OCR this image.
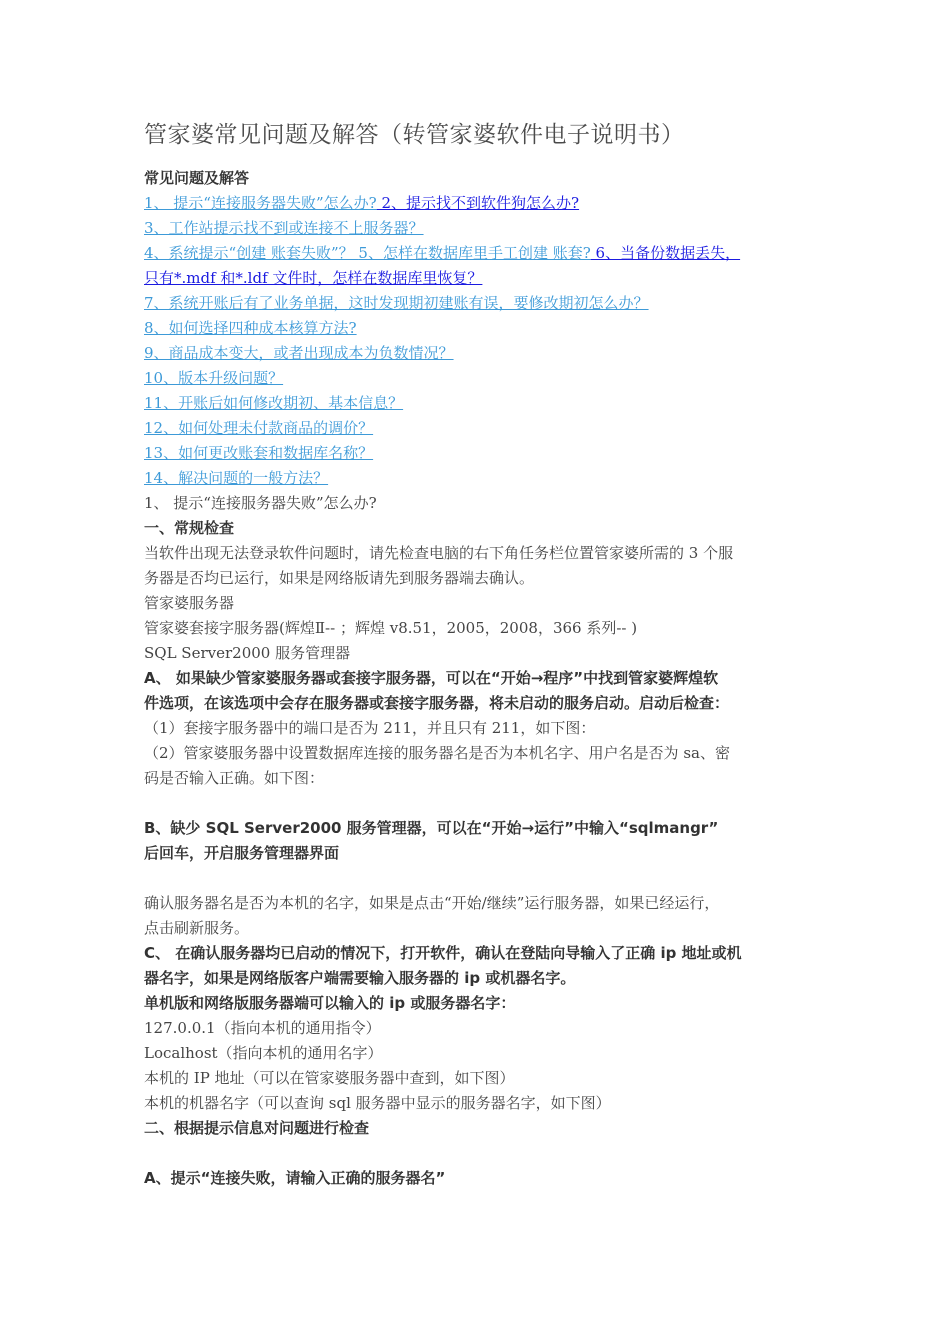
管家婆常见问题及解答（转管家婆软件电子说明书）

常见问题及解答

1、 提示“连接服务器失败”怎么办? 2、提示找不到软件狗怎么办?

3、工作站提示找不到或连接不上服务器？

4、系统提示“创建 账套失败”？ 5、怎样在数据库里手工创建 账套? 6、当备份数据丢失，

只有*.mdf 和*.ldf 文件时，怎样在数据库里恢复？

7、系统开账后有了业务单据，这时发现期初建账有误，要修改期初怎么办？

8、如何选择四种成本核算方法?

9、商品成本变大，或者出现成本为负数情况？

10、版本升级问题？

11、开账后如何修改期初、基本信息？

12、如何处理未付款商品的调价？

13、如何更改账套和数据库名称？

14、解决问题的一般方法？

1、 提示“连接服务器失败”怎么办?

一、常规检查

当软件出现无法登录软件问题时，请先检查电脑的右下角任务栏位置管家婆所需的 3 个服

务器是否均已运行，如果是网络版请先到服务器端去确认。

管家婆服务器

管家婆套接字服务器(辉煌Ⅱ-- ；辉煌 v8.51，2005，2008，366 系列-- )

SQL Server2000 服务管理器

A、 如果缺少管家婆服务器或套接字服务器，可以在“开始→程序”中找到管家婆辉煌软

件选项，在该选项中会存在服务器或套接字服务器，将未启动的服务启动。启动后检查：

（1）套接字服务器中的端口是否为 211，并且只有 211，如下图：

（2）管家婆服务器中设置数据库连接的服务器名是否为本机名字、用户名是否为 sa、密

码是否输入正确。如下图：

B、缺少 SQL Server2000 服务管理器，可以在“开始→运行”中输入“sqlmangr”

后回车，开启服务管理器界面

确认服务器名是否为本机的名字，如果是点击“开始/继续”运行服务器，如果已经运行，

点击刷新服务。

C、 在确认服务器均已启动的情况下，打开软件，确认在登陆向导输入了正确 ip 地址或机

器名字，如果是网络版客户端需要输入服务器的 ip 或机器名字。

单机版和网络版服务器端可以输入的 ip 或服务器名字：

127.0.0.1（指向本机的通用指令）

Localhost（指向本机的通用名字）

本机的 IP 地址（可以在管家婆服务器中查到，如下图）

本机的机器名字（可以查询 sql 服务器中显示的服务器名字，如下图）

二、根据提示信息对问题进行检查

A、提示“连接失败，请输入正确的服务器名”
